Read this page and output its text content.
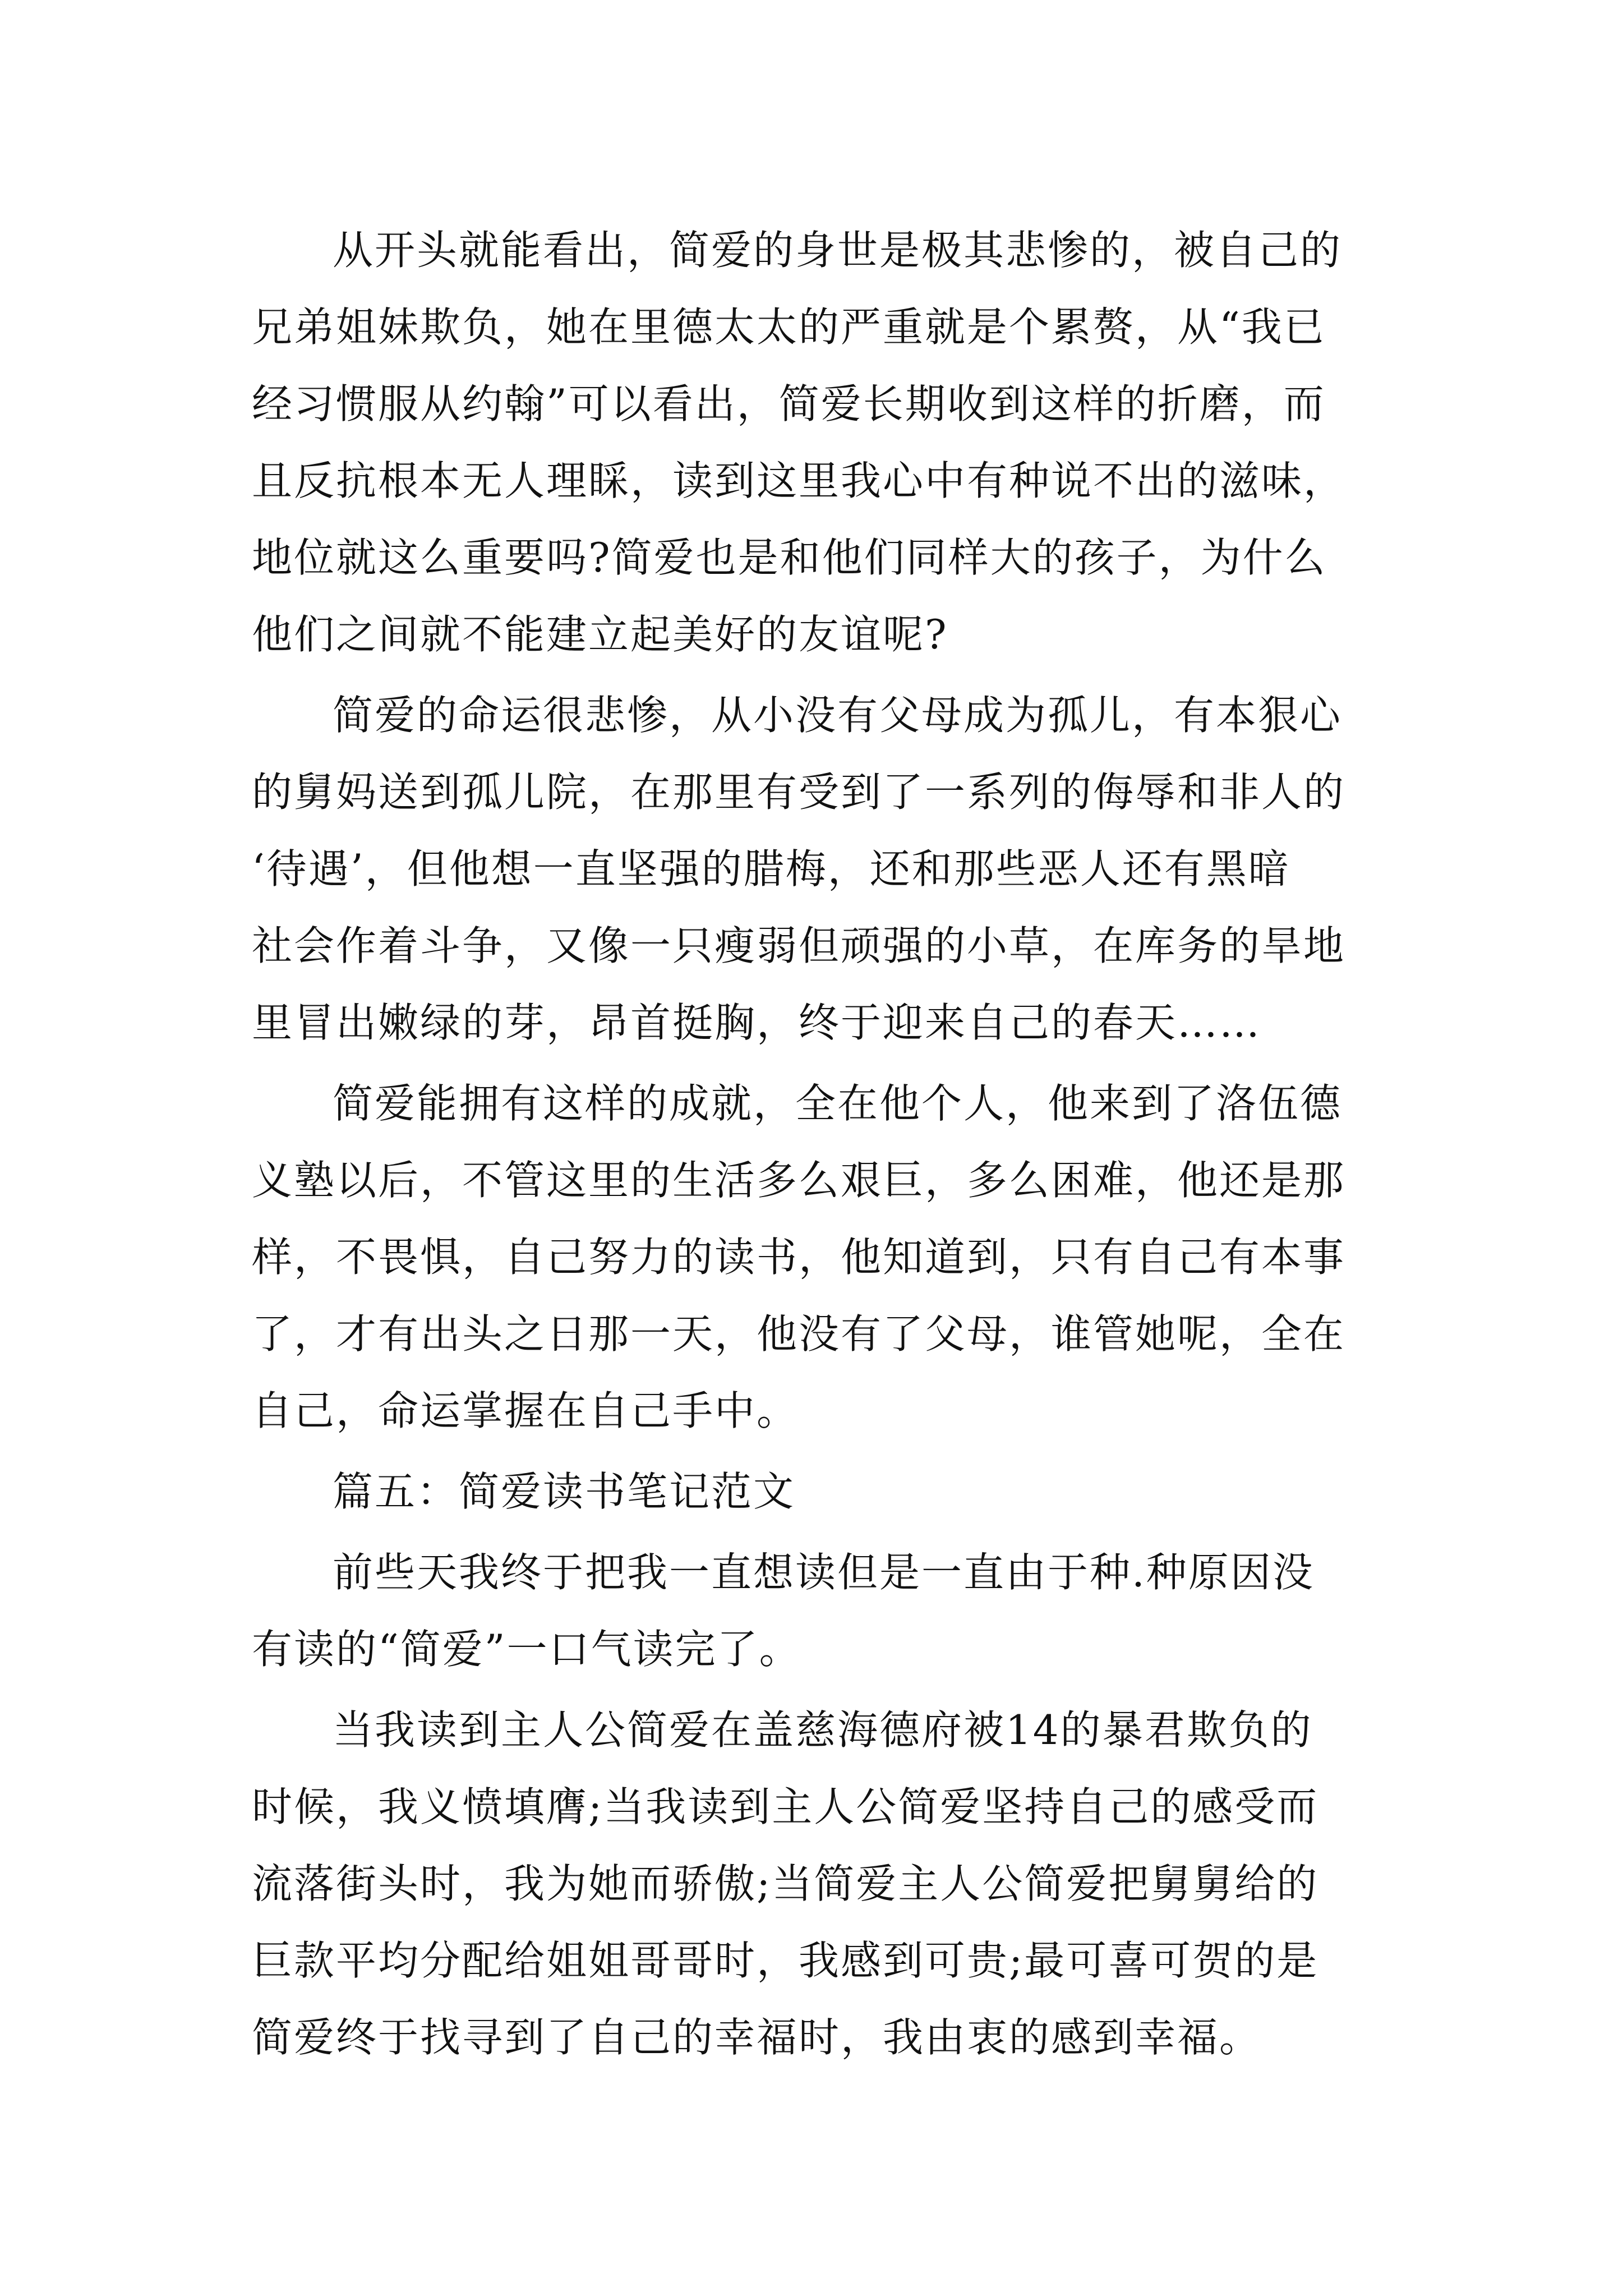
从开头就能看出，简爱的身世是极其悲惨的，被自己的
兄弟姐妹欺负，她在里德太太的严重就是个累赘，从“我已
经习惯服从约翰”可以看出，简爱长期收到这样的折磨，而
且反抗根本无人理睬，读到这里我心中有种说不出的滋味，
地位就这么重要吗?简爱也是和他们同样大的孩子，为什么
他们之间就不能建立起美好的友谊呢?
简爱的命运很悲惨，从小没有父母成为孤儿，有本狠心
的舅妈送到孤儿院，在那里有受到了一系列的侮辱和非人的
‘待遇’，但他想一直坚强的腊梅，还和那些恶人还有黑暗
社会作着斗争，又像一只瘦弱但顽强的小草，在库务的旱地
里冒出嫩绿的芽，昂首挺胸，终于迎来自己的春天……
简爱能拥有这样的成就，全在他个人，他来到了洛伍德
义塾以后，不管这里的生活多么艰巨，多么困难，他还是那
样，不畏惧，自己努力的读书，他知道到，只有自己有本事
了，才有出头之日那一天，他没有了父母，谁管她呢，全在
自己，命运掌握在自己手中。
篇五：简爱读书笔记范文
前些天我终于把我一直想读但是一直由于种.种原因没
有读的“简爱”一口气读完了。
当我读到主人公简爱在盖慈海德府被14的暴君欺负的
时候，我义愤填膺;当我读到主人公简爱坚持自己的感受而
流落街头时，我为她而骄傲;当简爱主人公简爱把舅舅给的
巨款平均分配给姐姐哥哥时，我感到可贵;最可喜可贺的是
简爱终于找寻到了自己的幸福时，我由衷的感到幸福。
